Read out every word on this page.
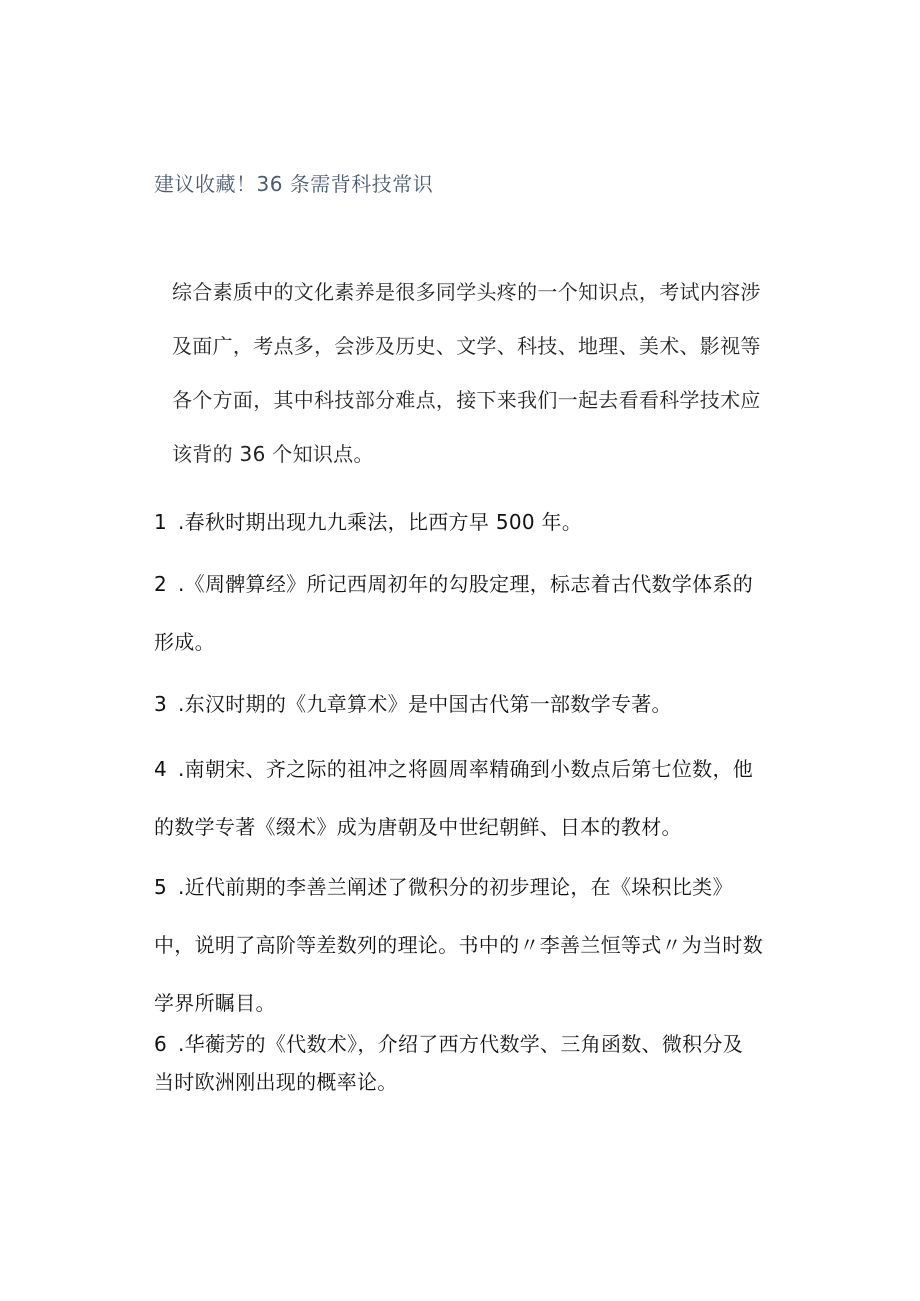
建议收藏！36 条需背科技常识
综合素质中的文化素养是很多同学头疼的一个知识点，考试内容涉
及面广，考点多，会涉及历史、文学、科技、地理、美术、影视等
各个方面，其中科技部分难点，接下来我们一起去看看科学技术应
该背的 36 个知识点。
1 .春秋时期出现九九乘法，比西方早 500 年。
2 .《周髀算经》所记西周初年的勾股定理，标志着古代数学体系的
形成。
3 .东汉时期的《九章算术》是中国古代第一部数学专著。
4 .南朝宋、齐之际的祖冲之将圆周率精确到小数点后第七位数，他
的数学专著《缀术》成为唐朝及中世纪朝鲜、日本的教材。
5 .近代前期的李善兰阐述了微积分的初步理论，在《垛积比类》
中，说明了高阶等差数列的理论。书中的〃李善兰恒等式〃为当时数
学界所瞩目。
6 .华蘅芳的《代数术》，介绍了西方代数学、三角函数、微积分及
当时欧洲刚出现的概率论。
